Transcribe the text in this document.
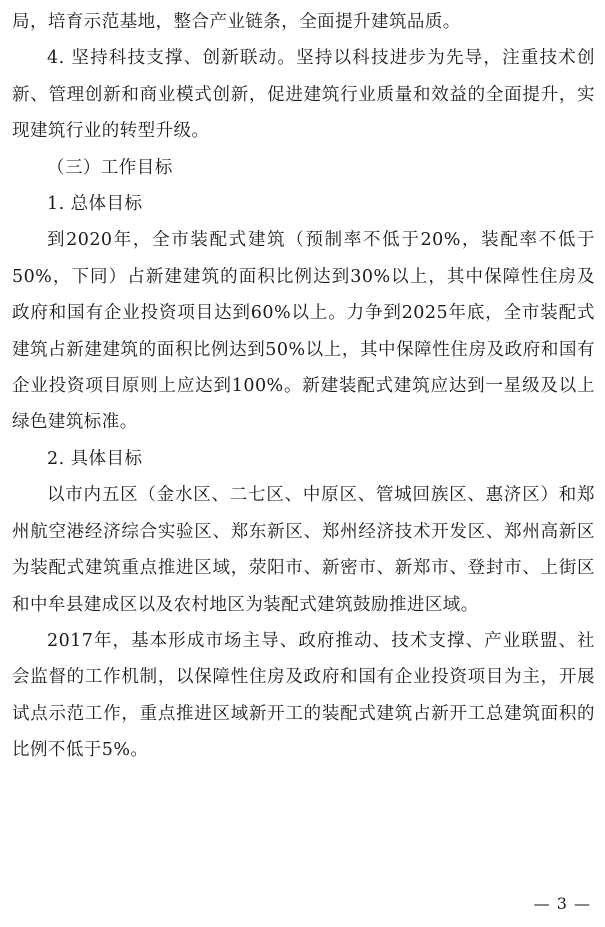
局，培育示范基地，整合产业链条，全面提升建筑品质。

4. 坚持科技支撑、创新联动。坚持以科技进步为先导，注重技术创新、管理创新和商业模式创新，促进建筑行业质量和效益的全面提升，实现建筑行业的转型升级。

（三）工作目标

1. 总体目标

到2020年，全市装配式建筑（预制率不低于20%，装配率不低于50%，下同）占新建建筑的面积比例达到30%以上，其中保障性住房及政府和国有企业投资项目达到60%以上。力争到2025年底，全市装配式建筑占新建建筑的面积比例达到50%以上，其中保障性住房及政府和国有企业投资项目原则上应达到100%。新建装配式建筑应达到一星级及以上绿色建筑标准。

2. 具体目标

以市内五区（金水区、二七区、中原区、管城回族区、惠济区）和郑州航空港经济综合实验区、郑东新区、郑州经济技术开发区、郑州高新区为装配式建筑重点推进区域，荥阳市、新密市、新郑市、登封市、上街区和中牟县建成区以及农村地区为装配式建筑鼓励推进区域。

2017年，基本形成市场主导、政府推动、技术支撑、产业联盟、社会监督的工作机制，以保障性住房及政府和国有企业投资项目为主，开展试点示范工作，重点推进区域新开工的装配式建筑占新开工总建筑面积的比例不低于5%。

— 3 —
